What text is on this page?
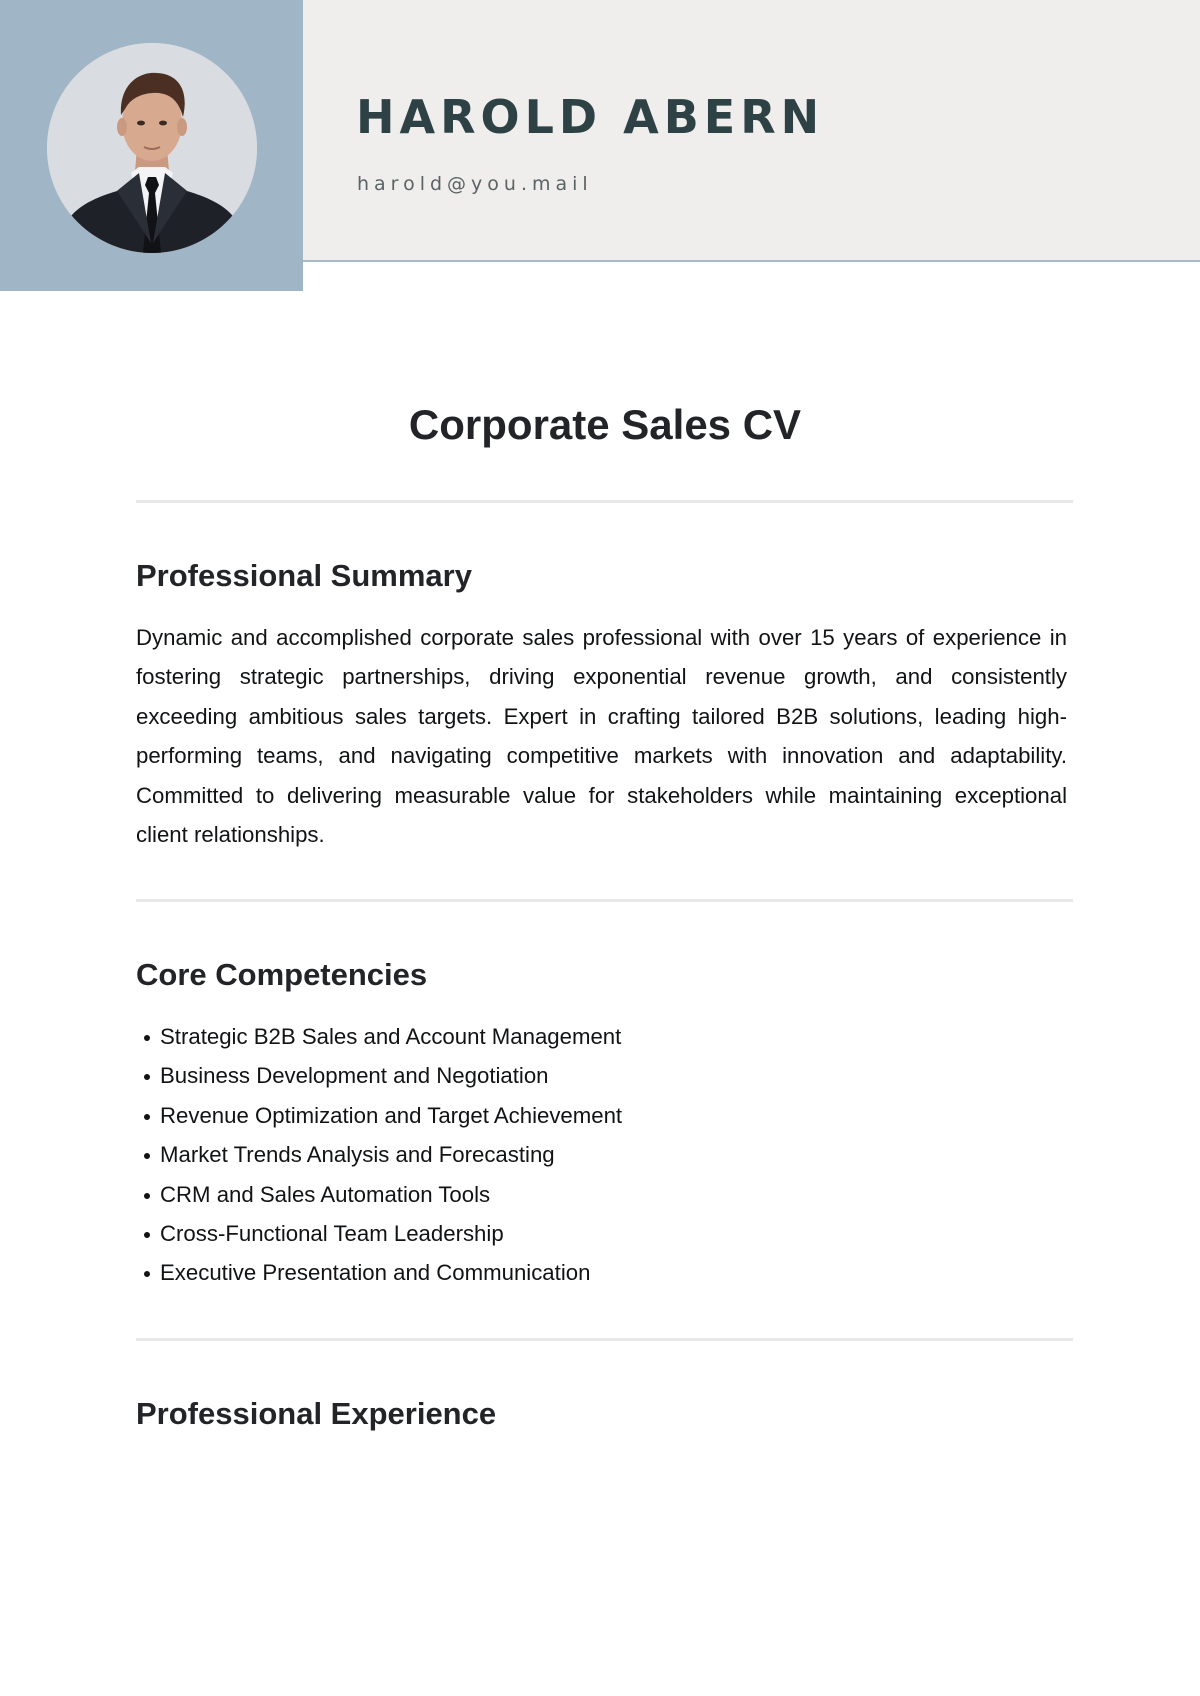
HAROLD ABERN
harold@you.mail
Corporate Sales CV
Professional Summary

Dynamic and accomplished corporate sales professional with over 15 years of experience in fostering strategic partnerships, driving exponential revenue growth, and consistently exceeding ambitious sales targets. Expert in crafting tailored B2B solutions, leading high-performing teams, and navigating competitive markets with innovation and adaptability. Committed to delivering measurable value for stakeholders while maintaining exceptional client relationships.

Core Competencies
Strategic B2B Sales and Account Management
Business Development and Negotiation
Revenue Optimization and Target Achievement
Market Trends Analysis and Forecasting
CRM and Sales Automation Tools
Cross-Functional Team Leadership
Executive Presentation and Communication
Professional Experience
